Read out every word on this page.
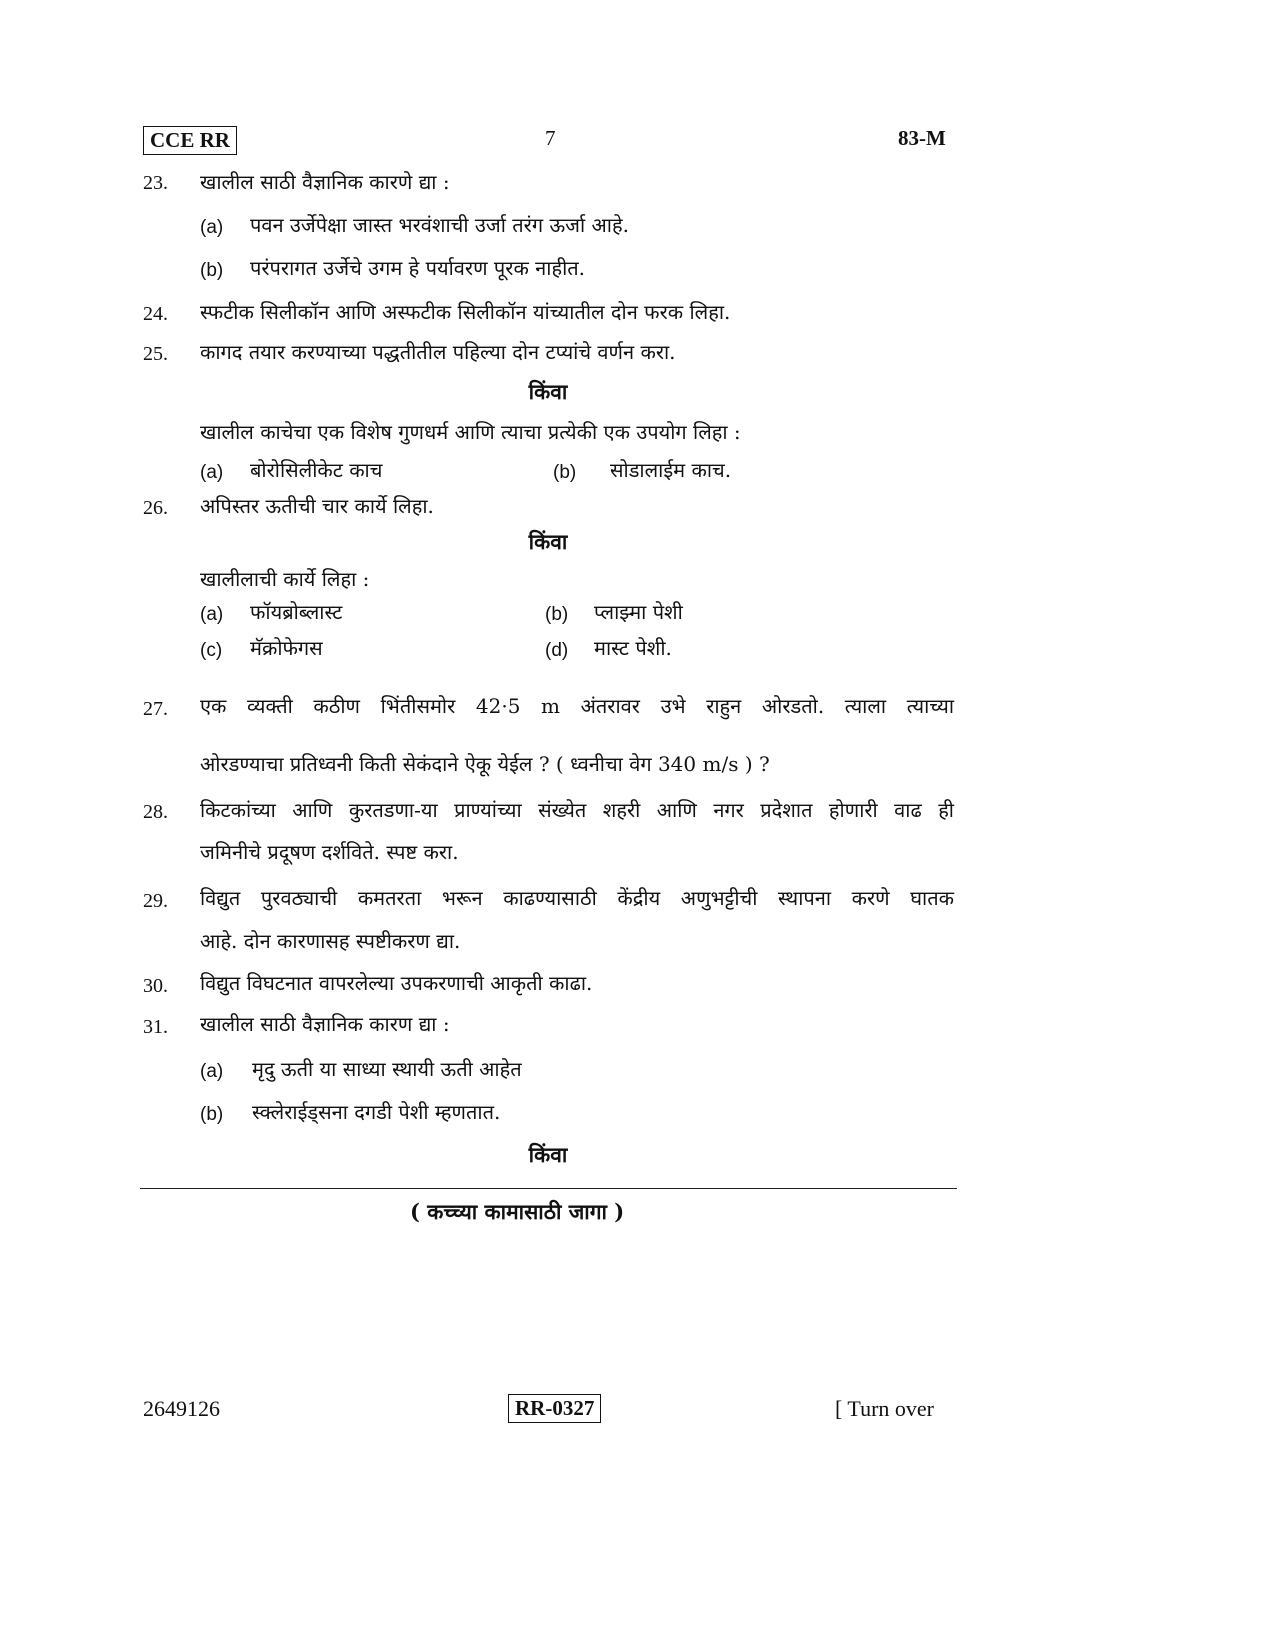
CCE RR	7	83-M
23. खालील साठी वैज्ञानिक कारणे द्या :
(a) पवन उर्जेपेक्षा जास्त भरवंशाची उर्जा तरंग ऊर्जा आहे.
(b) परंपरागत उर्जेचे उगम हे पर्यावरण पूरक नाहीत.
24. स्फटीक सिलीकॉन आणि अस्फटीक सिलीकॉन यांच्यातील दोन फरक लिहा.
25. कागद तयार करण्याच्या पद्धतीतील पहिल्या दोन टप्यांचे वर्णन करा.
किंवा
खालील काचेचा एक विशेष गुणधर्म आणि त्याचा प्रत्येकी एक उपयोग लिहा :
(a) बोरोसिलीकेट काच	(b) सोडालाईम काच.
26. अपिस्तर ऊतीची चार कार्ये लिहा.
किंवा
खालीलाची कार्ये लिहा :
(a) फॉयब्रोब्लास्ट	(b) प्लाझ्मा पेशी
(c) मॅक्रोफेगस	(d) मास्ट पेशी.
27. एक व्यक्ती कठीण भिंतीसमोर 42·5 m अंतरावर उभे राहुन ओरडतो. त्याला त्याच्या
ओरडण्याचा प्रतिध्वनी किती सेकंदाने ऐकू येईल ? ( ध्वनीचा वेग 340 m/s ) ?
28. किटकांच्या आणि कुरतडणा-या प्राण्यांच्या संख्येत शहरी आणि नगर प्रदेशात होणारी वाढ ही
जमिनीचे प्रदूषण दर्शविते. स्पष्ट करा.
29. विद्युत पुरवठ्याची कमतरता भरून काढण्यासाठी केंद्रीय अणुभट्टीची स्थापना करणे घातक
आहे. दोन कारणासह स्पष्टीकरण द्या.
30. विद्युत विघटनात वापरलेल्या उपकरणाची आकृती काढा.
31. खालील साठी वैज्ञानिक कारण द्या :
(a) मृदु ऊती या साध्या स्थायी ऊती आहेत
(b) स्क्लेराईड्सना दगडी पेशी म्हणतात.
किंवा
( कच्च्या कामासाठी जागा )
2649126	RR-0327	[ Turn over
